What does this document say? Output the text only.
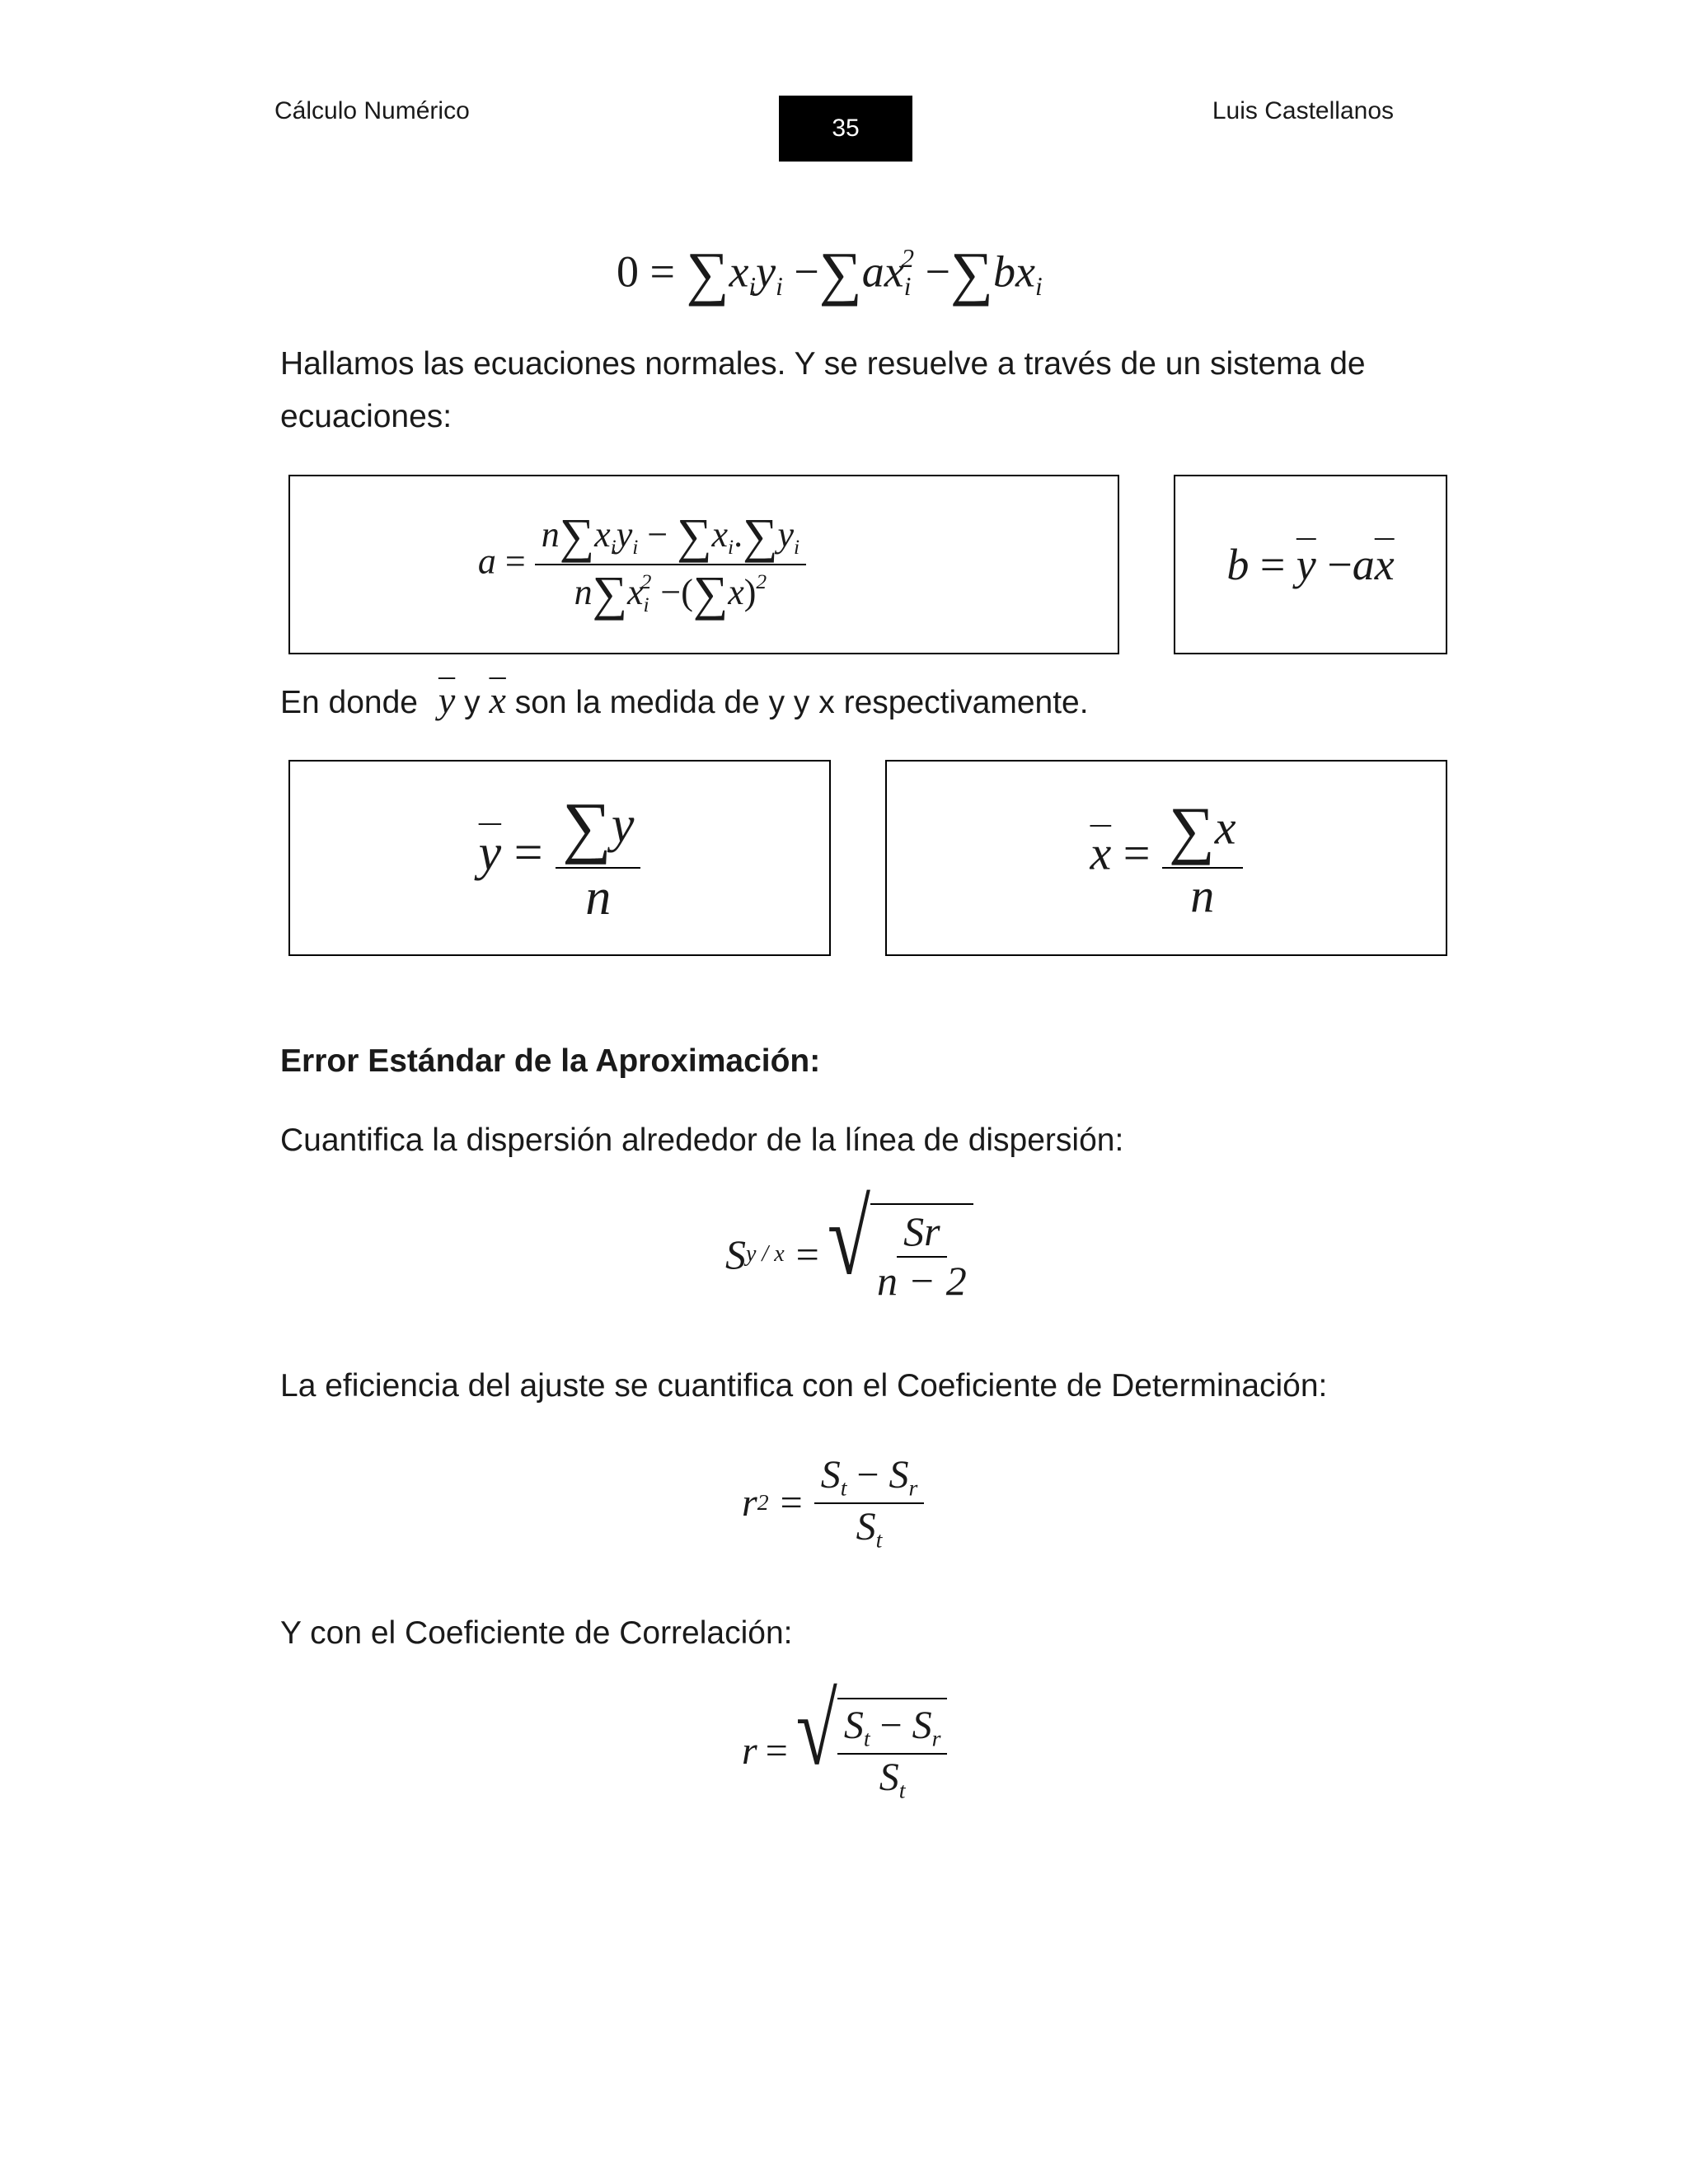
Cálculo Numérico
35
Luis Castellanos
$0 = \sum x_iy_i -\sum ax_i^2 -\sum bx_i$

Hallamos las ecuaciones normales. Y se resuelve a través de un sistema de ecuaciones:

$a = \frac{n\sum x_iy_i - \sum x_i.\sum y_i}{n\sum x_i^2 -(\sum x)^2}$	$b = \overline{y} -a\overline{x}$

En donde $\overline{y}$ y $\overline{x}$ son la medida de y y x respectivamente.

$\overline{y} = \frac{\sum y}{n}$	$\overline{x} = \frac{\sum x}{n}$

Error Estándar de la Aproximación:

Cuantifica la dispersión alrededor de la línea de dispersión:

S y / x = √ $\frac{Sr}{n - 2}$

La eficiencia del ajuste se cuantifica con el Coeficiente de Determinación:

r $2 = \frac{S_t - S_r}{S_t}$

Y con el Coeficiente de Correlación:

r = √ $\frac{S_t - S_r}{S_t}$
